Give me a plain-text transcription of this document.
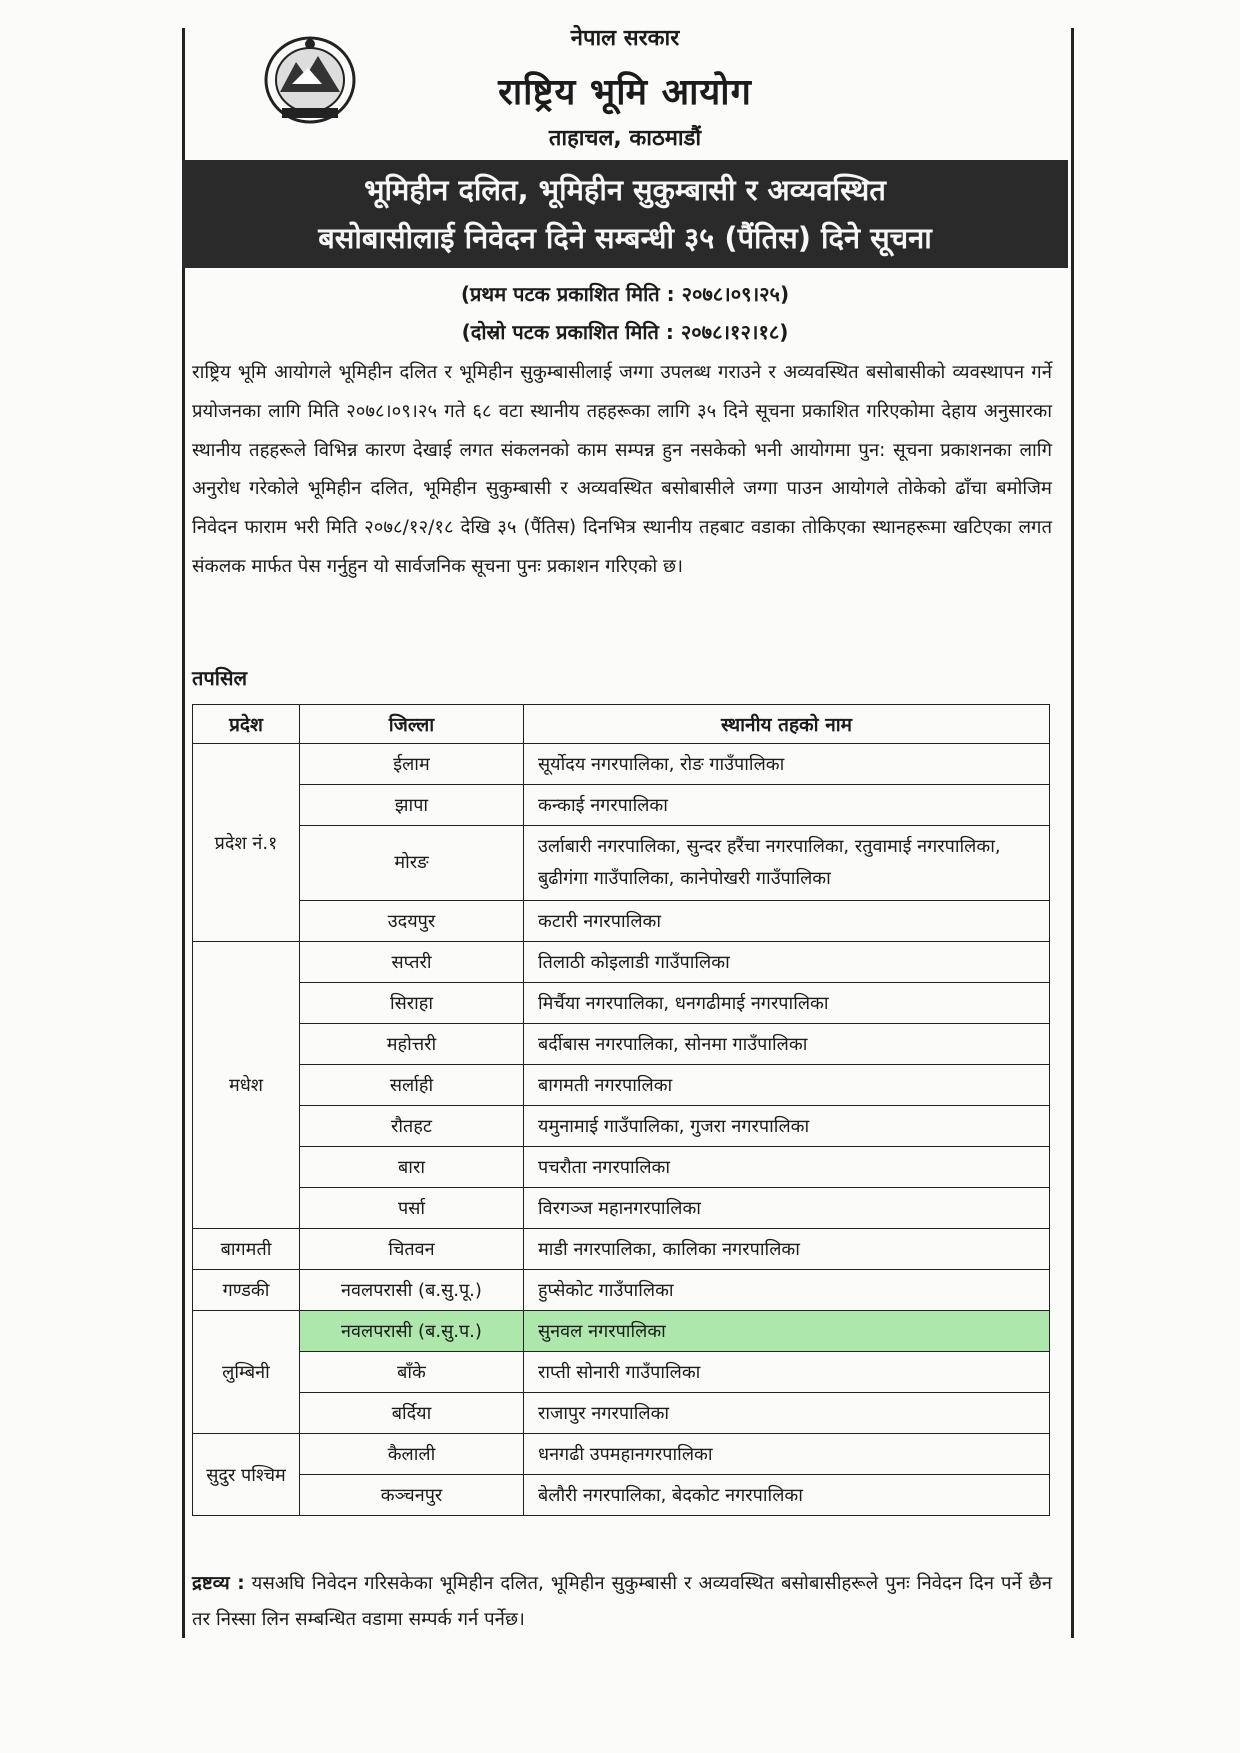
नेपाल सरकार
राष्ट्रिय भूमि आयोग
ताहाचल, काठमाडौं
भूमिहीन दलित, भूमिहीन सुकुम्बासी र अव्यवस्थित
बसोबासीलाई निवेदन दिने सम्बन्धी ३५ (पैंतिस) दिने सूचना
(प्रथम पटक प्रकाशित मिति : २०७८।०९।२५)
(दोस्रो पटक प्रकाशित मिति : २०७८।१२।१८)
राष्ट्रिय भूमि आयोगले भूमिहीन दलित र भूमिहीन सुकुम्बासीलाई जग्गा उपलब्ध गराउने र अव्यवस्थित बसोबासीको व्यवस्थापन गर्ने प्रयोजनका लागि मिति २०७८।०९।२५ गते ६८ वटा स्थानीय तहहरूका लागि ३५ दिने सूचना प्रकाशित गरिएकोमा देहाय अनुसारका स्थानीय तहहरूले विभिन्न कारण देखाई लगत संकलनको काम सम्पन्न हुन नसकेको भनी आयोगमा पुन: सूचना प्रकाशनका लागि अनुरोध गरेकोले भूमिहीन दलित, भूमिहीन सुकुम्बासी र अव्यवस्थित बसोबासीले जग्गा पाउन आयोगले तोकेको ढाँचा बमोजिम निवेदन फाराम भरी मिति २०७८/१२/१८ देखि ३५ (पैंतिस) दिनभित्र स्थानीय तहबाट वडाका तोकिएका स्थानहरूमा खटिएका लगत संकलक मार्फत पेस गर्नुहुन यो सार्वजनिक सूचना पुनः प्रकाशन गरिएको छ।
तपसिल
प्रदेश	जिल्ला	स्थानीय तहको नाम
प्रदेश नं.१	ईलाम	सूर्योदय नगरपालिका, रोङ गाउँपालिका
	झापा	कन्काई नगरपालिका
	मोरङ	उर्लाबारी नगरपालिका, सुन्दर हरैंचा नगरपालिका, रतुवामाई नगरपालिका, बुढीगंगा गाउँपालिका, कानेपोखरी गाउँपालिका
	उदयपुर	कटारी नगरपालिका
मधेश	सप्तरी	तिलाठी कोइलाडी गाउँपालिका
	सिराहा	मिर्चैया नगरपालिका, धनगढीमाई नगरपालिका
	महोत्तरी	बर्दीबास नगरपालिका, सोनमा गाउँपालिका
	सर्लाही	बागमती नगरपालिका
	रौतहट	यमुनामाई गाउँपालिका, गुजरा नगरपालिका
	बारा	पचरौता नगरपालिका
	पर्सा	विरगञ्ज महानगरपालिका
बागमती	चितवन	माडी नगरपालिका, कालिका नगरपालिका
गण्डकी	नवलपरासी (ब.सु.पू.)	हुप्सेकोट गाउँपालिका
लुम्बिनी	नवलपरासी (ब.सु.प.)	सुनवल नगरपालिका
	बाँके	राप्ती सोनारी गाउँपालिका
	बर्दिया	राजापुर नगरपालिका
सुदुर पश्चिम	कैलाली	धनगढी उपमहानगरपालिका
	कञ्चनपुर	बेलौरी नगरपालिका, बेदकोट नगरपालिका
द्रष्टव्य : यसअघि निवेदन गरिसकेका भूमिहीन दलित, भूमिहीन सुकुम्बासी र अव्यवस्थित बसोबासीहरूले पुनः निवेदन दिन पर्ने छैन तर निस्सा लिन सम्बन्धित वडामा सम्पर्क गर्न पर्नेछ।
